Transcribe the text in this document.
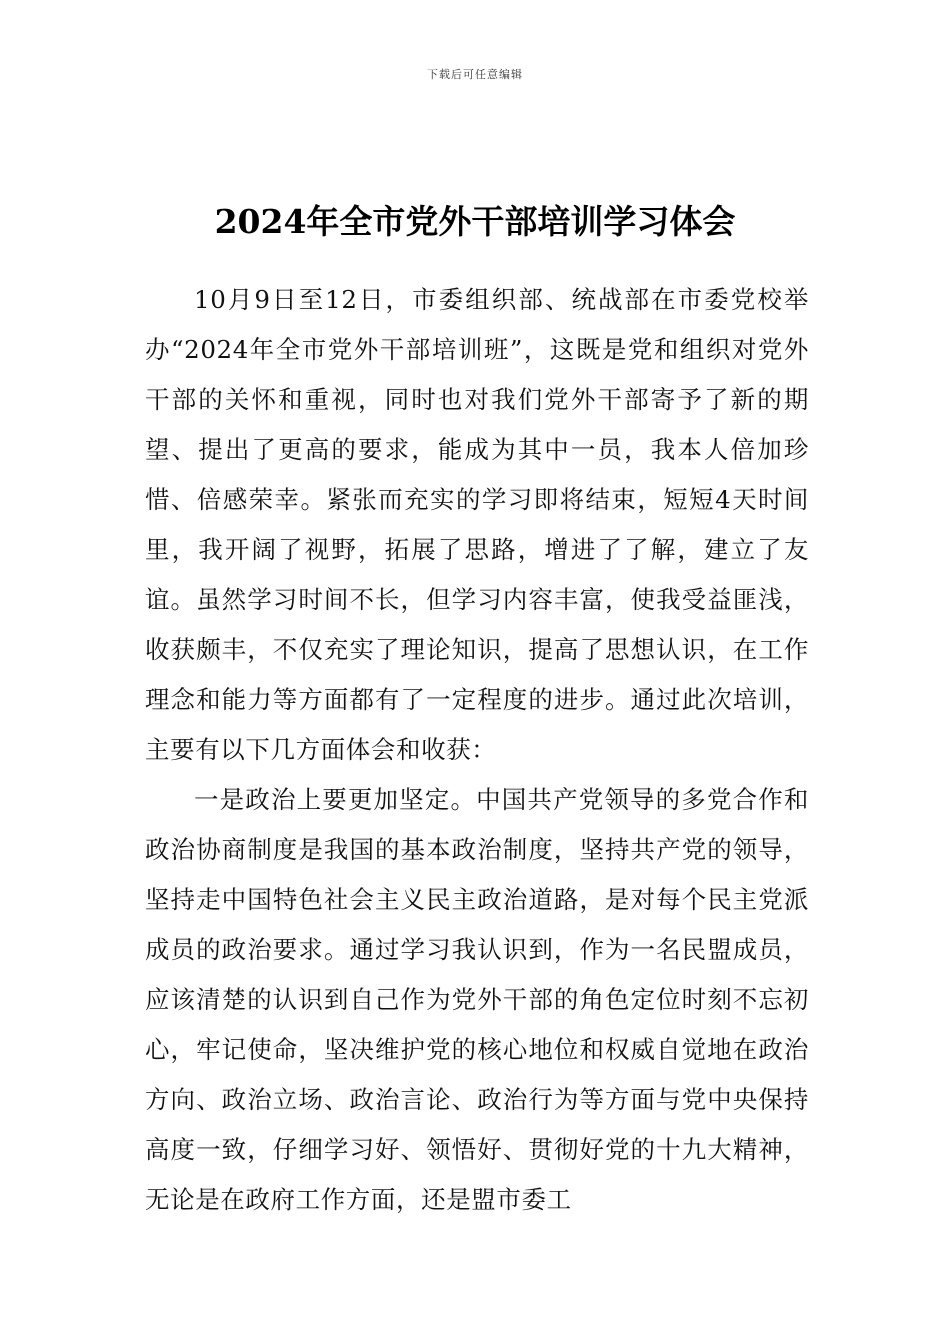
下载后可任意编辑
2024年全市党外干部培训学习体会

10月9日至12日，市委组织部、统战部在市委党校举办“2024年全市党外干部培训班”，这既是党和组织对党外干部的关怀和重视，同时也对我们党外干部寄予了新的期望、提出了更高的要求，能成为其中一员，我本人倍加珍惜、倍感荣幸。紧张而充实的学习即将结束，短短4天时间里，我开阔了视野，拓展了思路，增进了了解，建立了友谊。虽然学习时间不长，但学习内容丰富，使我受益匪浅，收获颇丰，不仅充实了理论知识，提高了思想认识，在工作理念和能力等方面都有了一定程度的进步。通过此次培训，主要有以下几方面体会和收获：

一是政治上要更加坚定。中国共产党领导的多党合作和政治协商制度是我国的基本政治制度，坚持共产党的领导，坚持走中国特色社会主义民主政治道路，是对每个民主党派成员的政治要求。通过学习我认识到，作为一名民盟成员，应该清楚的认识到自己作为党外干部的角色定位时刻不忘初心，牢记使命，坚决维护党的核心地位和权威自觉地在政治方向、政治立场、政治言论、政治行为等方面与党中央保持高度一致，仔细学习好、领悟好、贯彻好党的十九大精神，无论是在政府工作方面，还是盟市委工
